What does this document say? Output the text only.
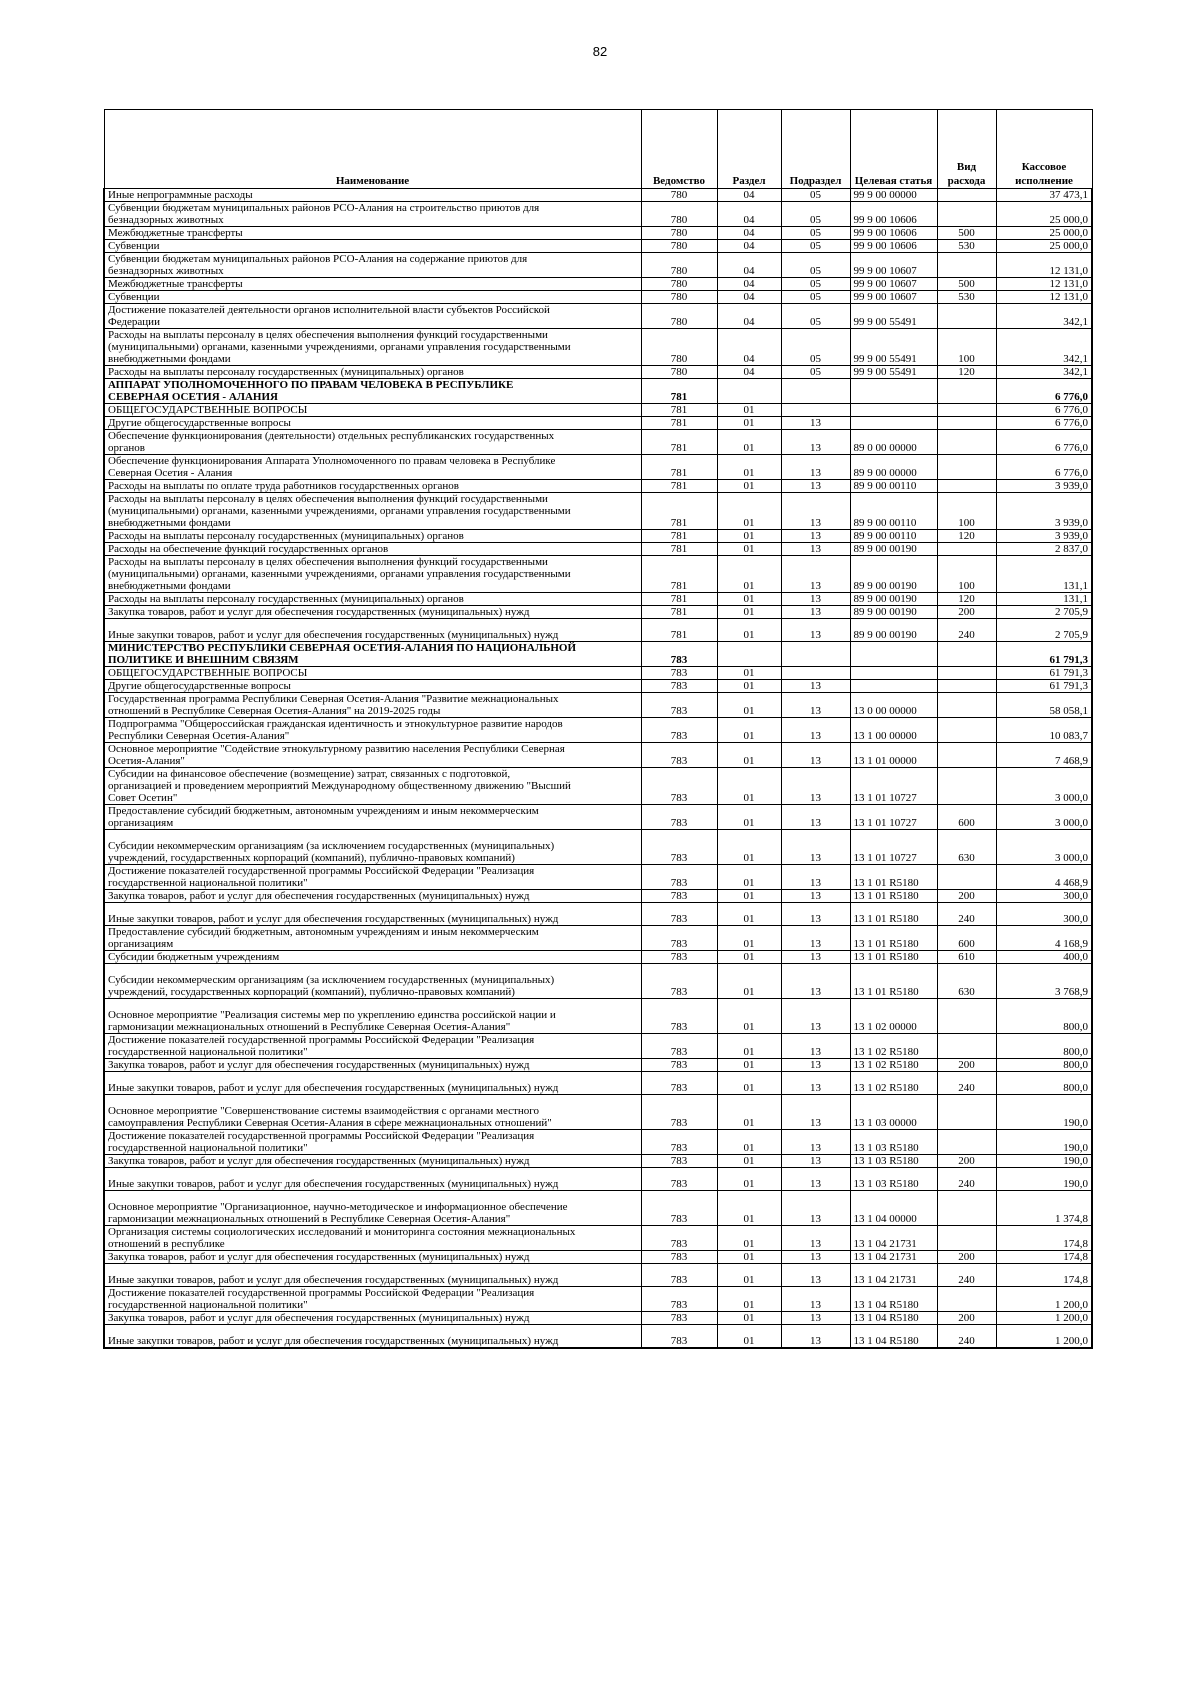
82
Наименование	Ведомство	Раздел	Подраздел	Целевая статья	Вид расхода	Кассовое исполнение
Иные непрограммные расходы	780	04	05	99 9 00 00000		37 473,1
Субвенции бюджетам муниципальных районов РСО-Алания на строительство приютов для
безнадзорных животных	780	04	05	99 9 00 10606		25 000,0
Межбюджетные трансферты	780	04	05	99 9 00 10606	500	25 000,0
Субвенции	780	04	05	99 9 00 10606	530	25 000,0
Субвенции бюджетам муниципальных районов РСО-Алания на содержание приютов для
безнадзорных животных	780	04	05	99 9 00 10607		12 131,0
Межбюджетные трансферты	780	04	05	99 9 00 10607	500	12 131,0
Субвенции	780	04	05	99 9 00 10607	530	12 131,0
Достижение показателей деятельности органов исполнительной власти субъектов Российской
Федерации	780	04	05	99 9 00 55491		342,1
Расходы на выплаты персоналу в целях обеспечения выполнения функций государственными
(муниципальными) органами, казенными учреждениями, органами управления государственными
внебюджетными фондами	780	04	05	99 9 00 55491	100	342,1
Расходы на выплаты персоналу государственных (муниципальных) органов	780	04	05	99 9 00 55491	120	342,1
АППАРАТ УПОЛНОМОЧЕННОГО ПО ПРАВАМ ЧЕЛОВЕКА В РЕСПУБЛИКЕ
СЕВЕРНАЯ ОСЕТИЯ - АЛАНИЯ	781					6 776,0
ОБЩЕГОСУДАРСТВЕННЫЕ ВОПРОСЫ	781	01				6 776,0
Другие общегосударственные вопросы	781	01	13			6 776,0
Обеспечение функционирования (деятельности) отдельных республиканских государственных
органов	781	01	13	89 0 00 00000		6 776,0
Обеспечение функционирования Аппарата Уполномоченного по правам человека в Республике
Северная Осетия - Алания	781	01	13	89 9 00 00000		6 776,0
Расходы на выплаты по оплате труда работников государственных органов	781	01	13	89 9 00 00110		3 939,0
Расходы на выплаты персоналу в целях обеспечения выполнения функций государственными
(муниципальными) органами, казенными учреждениями, органами управления государственными
внебюджетными фондами	781	01	13	89 9 00 00110	100	3 939,0
Расходы на выплаты персоналу государственных (муниципальных) органов	781	01	13	89 9 00 00110	120	3 939,0
Расходы на обеспечение функций государственных органов	781	01	13	89 9 00 00190		2 837,0
Расходы на выплаты персоналу в целях обеспечения выполнения функций государственными
(муниципальными) органами, казенными учреждениями, органами управления государственными
внебюджетными фондами	781	01	13	89 9 00 00190	100	131,1
Расходы на выплаты персоналу государственных (муниципальных) органов	781	01	13	89 9 00 00190	120	131,1
Закупка товаров, работ и услуг для обеспечения государственных (муниципальных) нужд	781	01	13	89 9 00 00190	200	2 705,9

Иные закупки товаров, работ и услуг для обеспечения государственных (муниципальных) нужд	781	01	13	89 9 00 00190	240	2 705,9
МИНИСТЕРСТВО РЕСПУБЛИКИ СЕВЕРНАЯ ОСЕТИЯ-АЛАНИЯ ПО НАЦИОНАЛЬНОЙ
ПОЛИТИКЕ И ВНЕШНИМ СВЯЗЯМ	783					61 791,3
ОБЩЕГОСУДАРСТВЕННЫЕ ВОПРОСЫ	783	01				61 791,3
Другие общегосударственные вопросы	783	01	13			61 791,3
Государственная программа Республики Северная Осетия-Алания "Развитие межнациональных
отношений в Республике Северная Осетия-Алания" на 2019-2025 годы	783	01	13	13 0 00 00000		58 058,1
Подпрограмма "Общероссийская гражданская идентичность и этнокультурное развитие народов
Республики Северная Осетия-Алания"	783	01	13	13 1 00 00000		10 083,7
Основное мероприятие "Содействие этнокультурному развитию населения Республики Северная
Осетия-Алания"	783	01	13	13 1 01 00000		7 468,9
Субсидии на финансовое обеспечение (возмещение) затрат, связанных с подготовкой,
организацией и проведением мероприятий Международному общественному движению "Высший
Совет Осетин"	783	01	13	13 1 01 10727		3 000,0
Предоставление субсидий бюджетным, автономным учреждениям и иным некоммерческим
организациям	783	01	13	13 1 01 10727	600	3 000,0

Субсидии некоммерческим организациям (за исключением государственных (муниципальных)
учреждений, государственных корпораций (компаний), публично-правовых компаний)	783	01	13	13 1 01 10727	630	3 000,0
Достижение показателей государственной программы Российской Федерации "Реализация
государственной национальной политики"	783	01	13	13 1 01 R5180		4 468,9
Закупка товаров, работ и услуг для обеспечения государственных (муниципальных) нужд	783	01	13	13 1 01 R5180	200	300,0

Иные закупки товаров, работ и услуг для обеспечения государственных (муниципальных) нужд	783	01	13	13 1 01 R5180	240	300,0
Предоставление субсидий бюджетным, автономным учреждениям и иным некоммерческим
организациям	783	01	13	13 1 01 R5180	600	4 168,9
Субсидии бюджетным учреждениям	783	01	13	13 1 01 R5180	610	400,0

Субсидии некоммерческим организациям (за исключением государственных (муниципальных)
учреждений, государственных корпораций (компаний), публично-правовых компаний)	783	01	13	13 1 01 R5180	630	3 768,9

Основное мероприятие "Реализация системы мер по укреплению единства российской нации и
гармонизации межнациональных отношений в Республике Северная Осетия-Алания"	783	01	13	13 1 02 00000		800,0
Достижение показателей государственной программы Российской Федерации "Реализация
государственной национальной политики"	783	01	13	13 1 02 R5180		800,0
Закупка товаров, работ и услуг для обеспечения государственных (муниципальных) нужд	783	01	13	13 1 02 R5180	200	800,0

Иные закупки товаров, работ и услуг для обеспечения государственных (муниципальных) нужд	783	01	13	13 1 02 R5180	240	800,0

Основное мероприятие "Совершенствование системы взаимодействия с органами местного
самоуправления Республики Северная Осетия-Алания в сфере межнациональных отношений"	783	01	13	13 1 03 00000		190,0
Достижение показателей государственной программы Российской Федерации "Реализация
государственной национальной политики"	783	01	13	13 1 03 R5180		190,0
Закупка товаров, работ и услуг для обеспечения государственных (муниципальных) нужд	783	01	13	13 1 03 R5180	200	190,0

Иные закупки товаров, работ и услуг для обеспечения государственных (муниципальных) нужд	783	01	13	13 1 03 R5180	240	190,0

Основное мероприятие "Организационное, научно-методическое и информационное обеспечение
гармонизации межнациональных отношений в Республике Северная Осетия-Алания"	783	01	13	13 1 04 00000		1 374,8
Организация системы социологических исследований и мониторинга состояния межнациональных
отношений в республике	783	01	13	13 1 04 21731		174,8
Закупка товаров, работ и услуг для обеспечения государственных (муниципальных) нужд	783	01	13	13 1 04 21731	200	174,8

Иные закупки товаров, работ и услуг для обеспечения государственных (муниципальных) нужд	783	01	13	13 1 04 21731	240	174,8
Достижение показателей государственной программы Российской Федерации "Реализация
государственной национальной политики"	783	01	13	13 1 04 R5180		1 200,0
Закупка товаров, работ и услуг для обеспечения государственных (муниципальных) нужд	783	01	13	13 1 04 R5180	200	1 200,0

Иные закупки товаров, работ и услуг для обеспечения государственных (муниципальных) нужд	783	01	13	13 1 04 R5180	240	1 200,0
